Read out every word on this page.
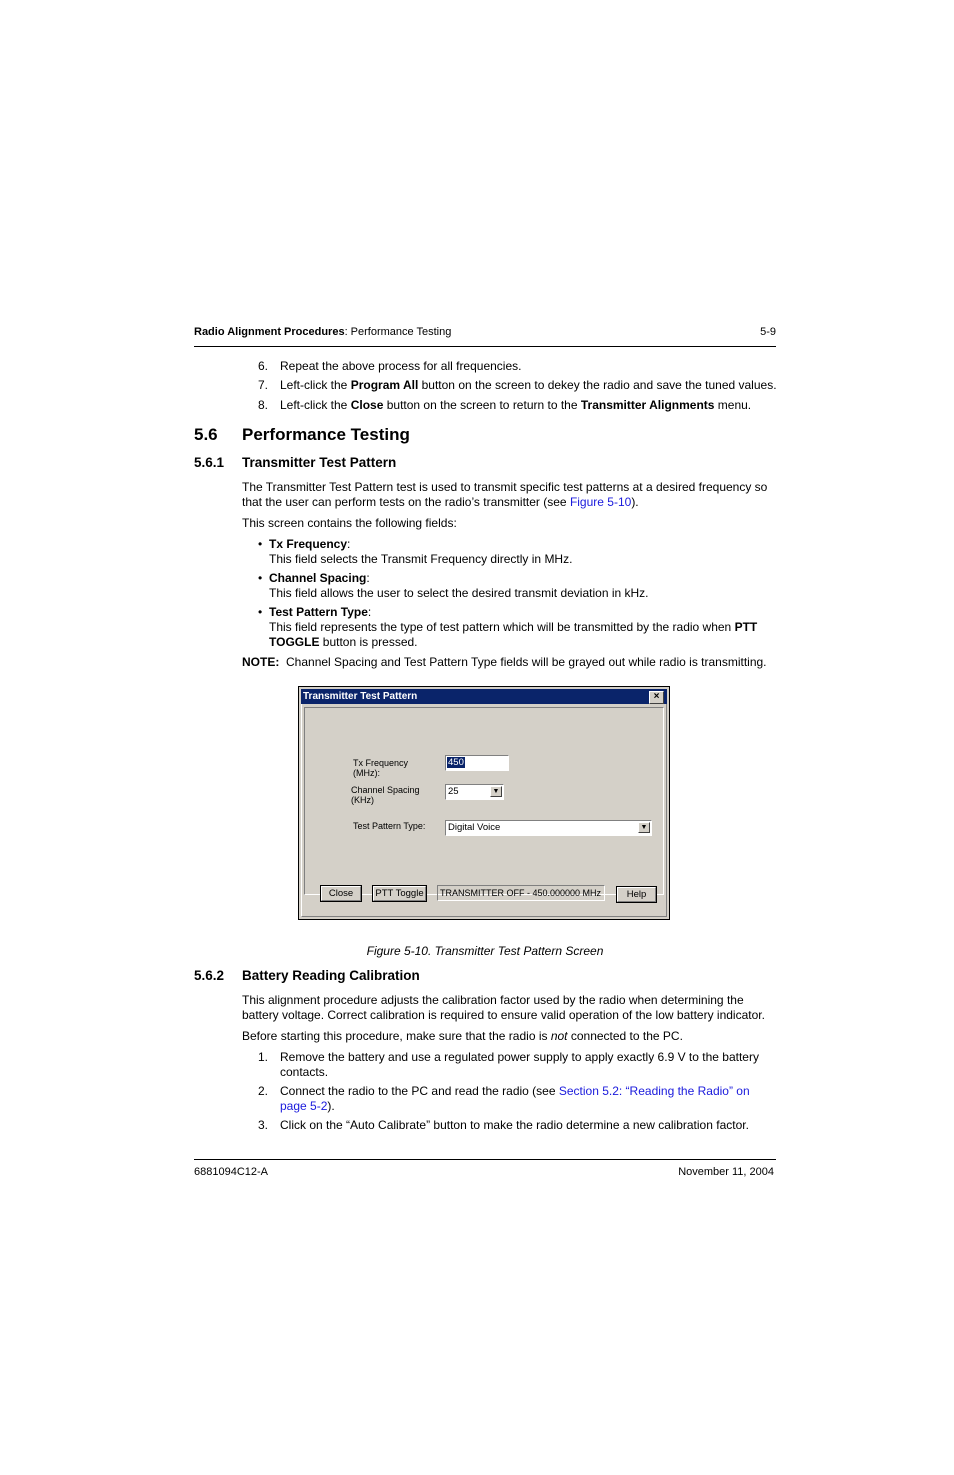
Radio Alignment Procedures: Performance Testing	5-9
6. Repeat the above process for all frequencies.
7. Left-click the Program All button on the screen to dekey the radio and save the tuned values.
8. Left-click the Close button on the screen to return to the Transmitter Alignments menu.
5.6 Performance Testing
5.6.1 Transmitter Test Pattern
The Transmitter Test Pattern test is used to transmit specific test patterns at a desired frequency so that the user can perform tests on the radio’s transmitter (see Figure 5-10).
This screen contains the following fields:
• Tx Frequency:
This field selects the Transmit Frequency directly in MHz.
• Channel Spacing:
This field allows the user to select the desired transmit deviation in kHz.
• Test Pattern Type:
This field represents the type of test pattern which will be transmitted by the radio when PTT TOGGLE button is pressed.
NOTE: Channel Spacing and Test Pattern Type fields will be grayed out while radio is transmitting.
Transmitter Test Pattern	×
Tx Frequency
(MHz):
450
Channel Spacing
(KHz)
25	▼
Test Pattern Type:	Digital Voice	▼
Close	PTT Toggle	TRANSMITTER OFF - 450.000000 MHz	Help
Figure 5-10. Transmitter Test Pattern Screen
5.6.2 Battery Reading Calibration
This alignment procedure adjusts the calibration factor used by the radio when determining the battery voltage. Correct calibration is required to ensure valid operation of the low battery indicator.
Before starting this procedure, make sure that the radio is not connected to the PC.
1. Remove the battery and use a regulated power supply to apply exactly 6.9 V to the battery contacts.
2. Connect the radio to the PC and read the radio (see Section 5.2: “Reading the Radio” on page 5-2).
3. Click on the “Auto Calibrate” button to make the radio determine a new calibration factor.
6881094C12-A	November 11, 2004
